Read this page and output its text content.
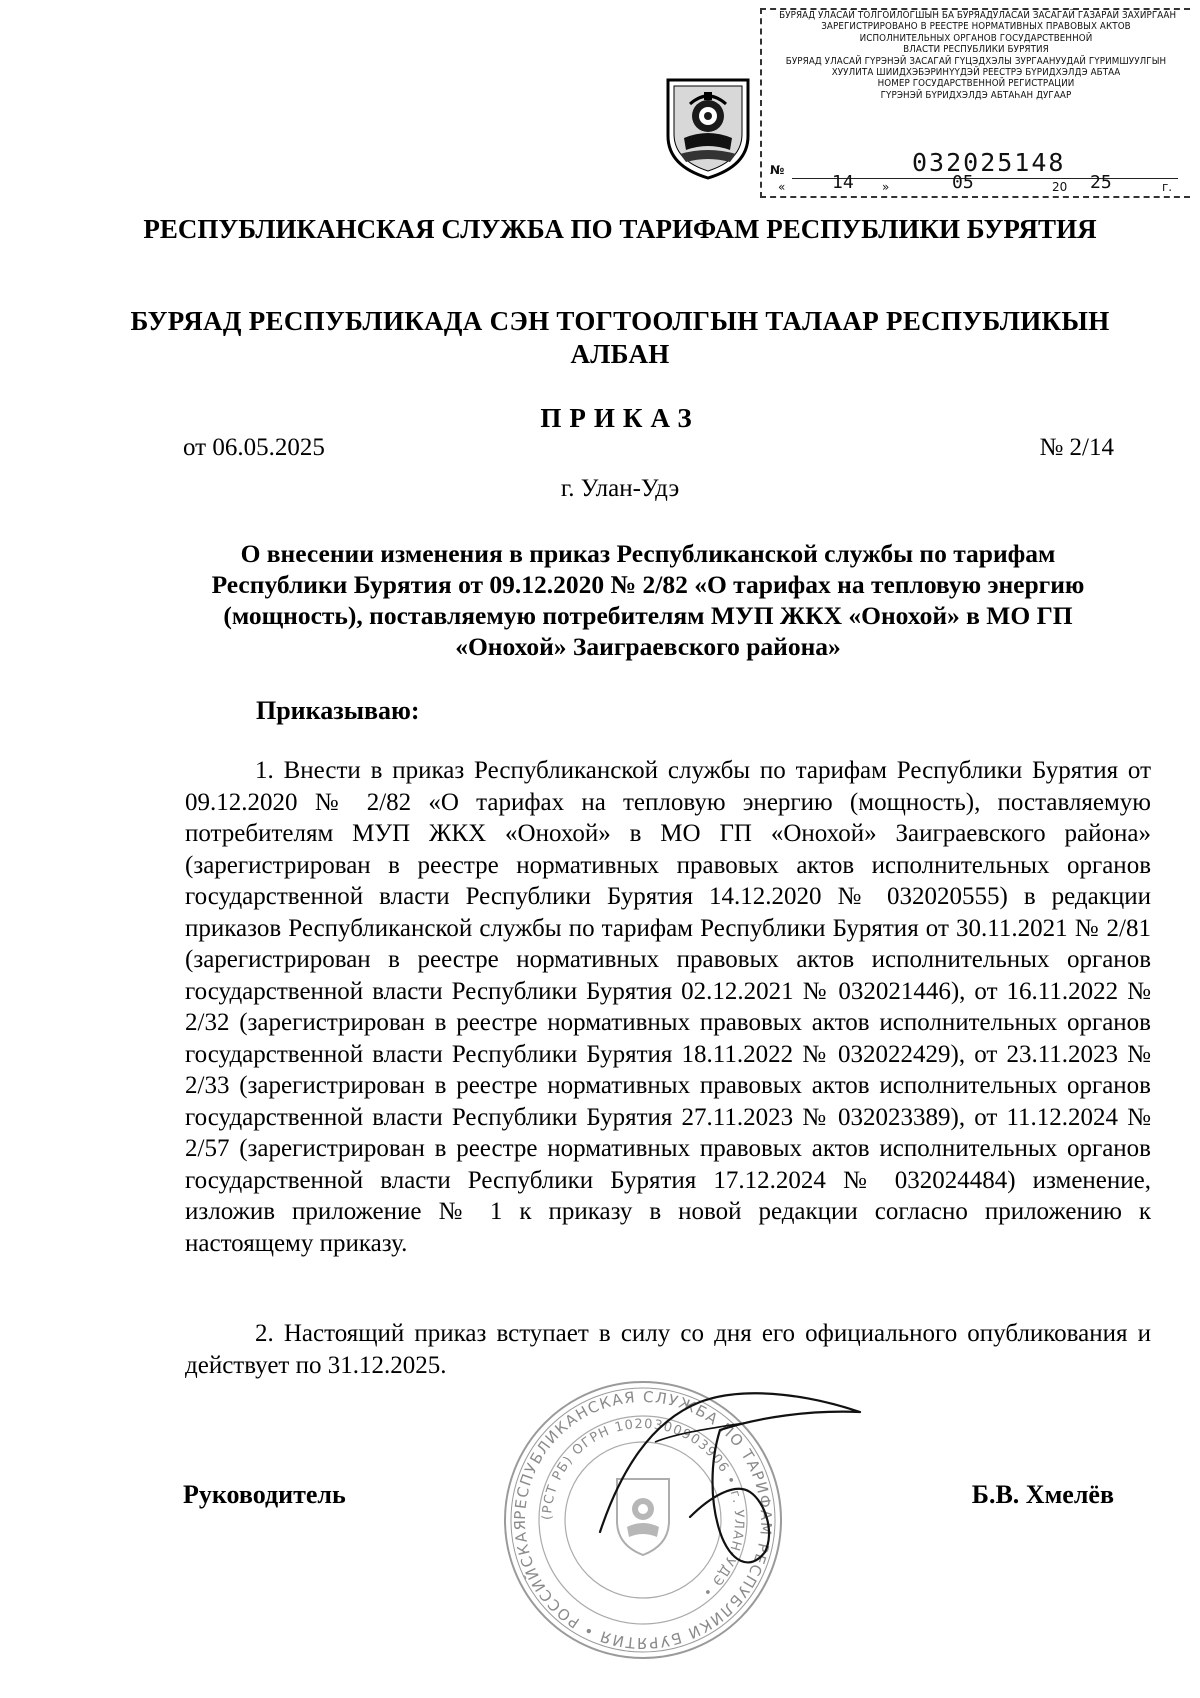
БУРЯАД УЛАСАЙ ТОЛГОЙЛОГШЫН БА БУРЯАДУЛАСАЙ ЗАСАГАЙ ГАЗАРАЙ ЗАХИРГААН
ЗАРЕГИСТРИРОВАНО В РЕЕСТРЕ НОРМАТИВНЫХ ПРАВОВЫХ АКТОВ
ИСПОЛНИТЕЛЬНЫХ ОРГАНОВ ГОСУДАРСТВЕННОЙ
ВЛАСТИ РЕСПУБЛИКИ БУРЯТИЯ
БУРЯАД УЛАСАЙ ГҮРЭНЭЙ ЗАСАГАЙ ГҮЦЭДХЭЛЫ ЗУРГААНУУДАЙ ГҮРИМШУУЛГЫН
ХУУЛИТА ШИИДХЭБЭРИНҮҮДЭЙ РЕЕСТРЭ БҮРИДХЭЛДЭ АБТАА
НОМЕР ГОСУДАРСТВЕННОЙ РЕГИСТРАЦИИ
ГҮРЭНЭЙ БҮРИДХЭЛДЭ АБТАҺАН ДУГААР
№	032025148
«	14 »	05	20 25	г.
РЕСПУБЛИКАНСКАЯ СЛУЖБА ПО ТАРИФАМ РЕСПУБЛИКИ БУРЯТИЯ
БУРЯАД РЕСПУБЛИКАДА СЭН ТОГТООЛГЫН ТАЛААР РЕСПУБЛИКЫН АЛБАН
ПРИКАЗ
от 06.05.2025	№ 2/14
г. Улан-Удэ
О внесении изменения в приказ Республиканской службы по тарифам Республики Бурятия от 09.12.2020 № 2/82 «О тарифах на тепловую энергию (мощность), поставляемую потребителям МУП ЖКХ «Онохой» в МО ГП «Онохой» Заиграевского района»
Приказываю:
1. Внести в приказ Республиканской службы по тарифам Республики Бурятия от 09.12.2020 № 2/82 «О тарифах на тепловую энергию (мощность), поставляемую потребителям МУП ЖКХ «Онохой» в МО ГП «Онохой» Заиграевского района» (зарегистрирован в реестре нормативных правовых актов исполнительных органов государственной власти Республики Бурятия 14.12.2020 № 032020555) в редакции приказов Республиканской службы по тарифам Республики Бурятия от 30.11.2021 № 2/81 (зарегистрирован в реестре нормативных правовых актов исполнительных органов государственной власти Республики Бурятия 02.12.2021 № 032021446), от 16.11.2022 № 2/32 (зарегистрирован в реестре нормативных правовых актов исполнительных органов государственной власти Республики Бурятия 18.11.2022 № 032022429), от 23.11.2023 № 2/33 (зарегистрирован в реестре нормативных правовых актов исполнительных органов государственной власти Республики Бурятия 27.11.2023 № 032023389), от 11.12.2024 № 2/57 (зарегистрирован в реестре нормативных правовых актов исполнительных органов государственной власти Республики Бурятия 17.12.2024 № 032024484) изменение, изложив приложение № 1 к приказу в новой редакции согласно приложению к настоящему приказу.
2. Настоящий приказ вступает в силу со дня его официального опубликования и действует по 31.12.2025.
РЕСПУБЛИКАНСКАЯ СЛУЖБА ПО ТАРИФАМ РЕСПУБЛИКИ БУРЯТИЯ • РОССИЙСКАЯ
(РСТ РБ) ОГРН 1020300903906 • г. УЛАН-УДЭ •
Руководитель	Б.В. Хмелёв
